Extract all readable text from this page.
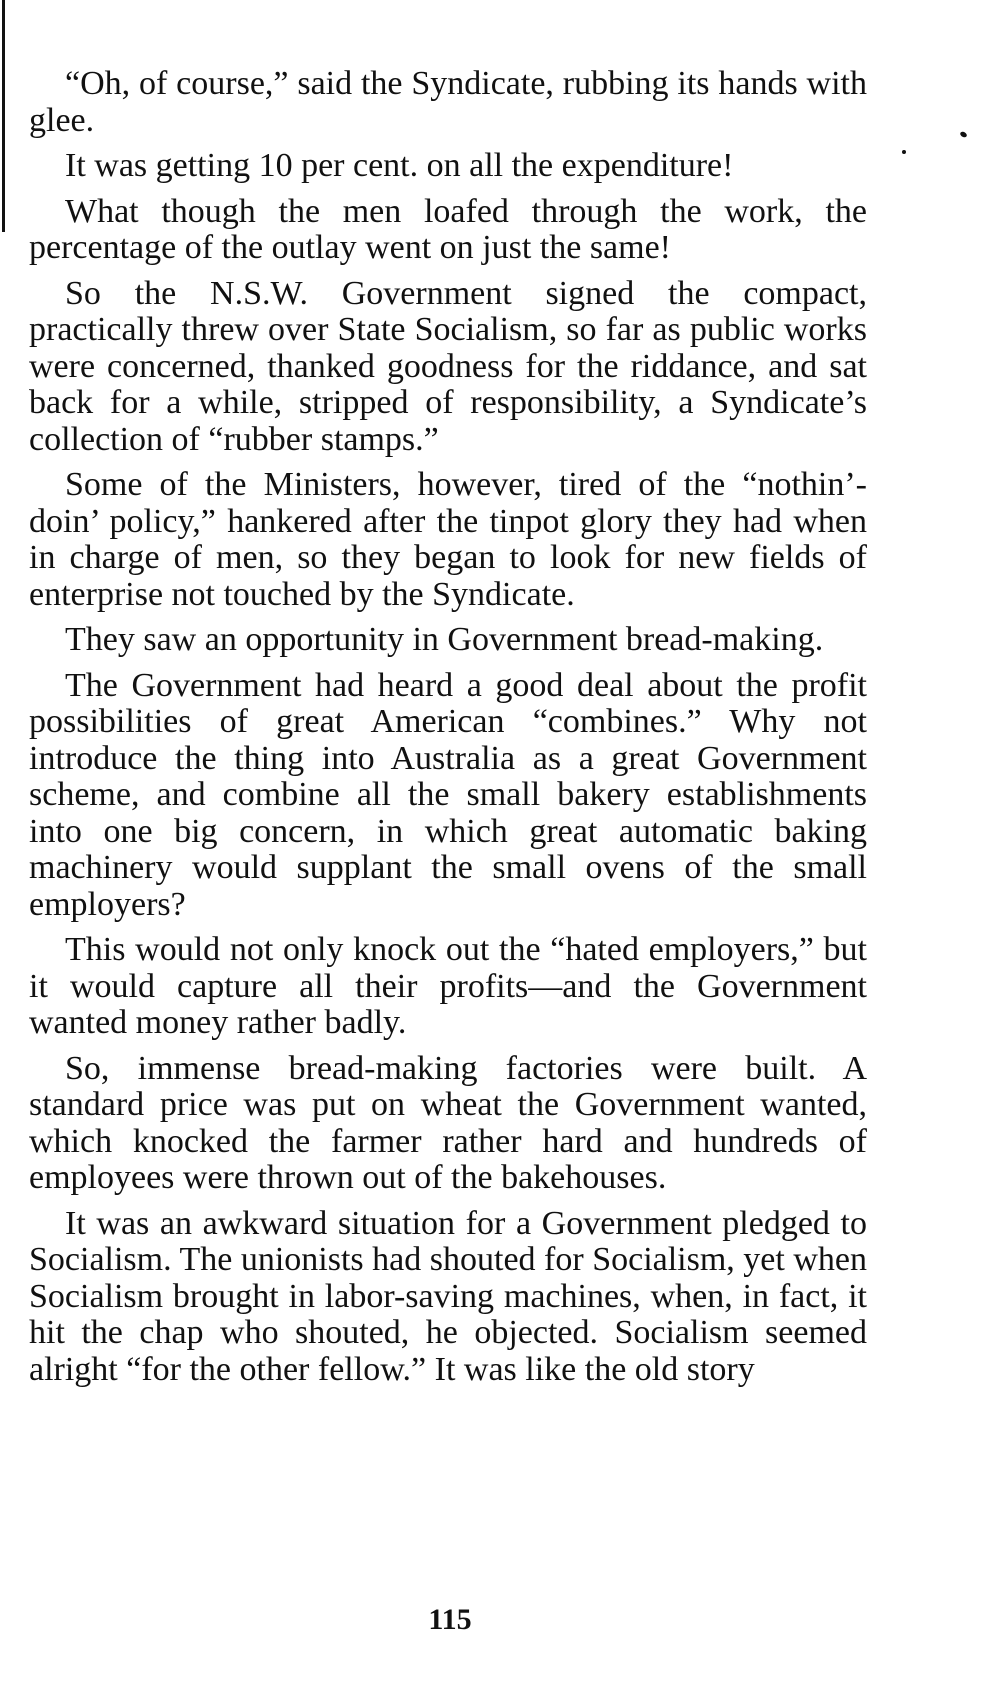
“Oh, of course,” said the Syndicate, rubbing its hands with glee.

It was getting 10 per cent. on all the expenditure!

What though the men loafed through the work, the percentage of the outlay went on just the same!

So the N.S.W. Government signed the compact, practically threw over State Socialism, so far as public works were concerned, thanked goodness for the riddance, and sat back for a while, stripped of responsibility, a Syndicate’s collection of “rubber stamps.”

Some of the Ministers, however, tired of the “nothin’-doin’ policy,” hankered after the tinpot glory they had when in charge of men, so they began to look for new fields of enterprise not touched by the Syndicate.

They saw an opportunity in Government bread-making.

The Government had heard a good deal about the profit possibilities of great American “combines.” Why not introduce the thing into Australia as a great Government scheme, and combine all the small bakery establishments into one big concern, in which great automatic baking machinery would supplant the small ovens of the small employers?

This would not only knock out the “hated employers,” but it would capture all their profits—and the Government wanted money rather badly.

So, immense bread-making factories were built. A standard price was put on wheat the Government wanted, which knocked the farmer rather hard and hundreds of employees were thrown out of the bakehouses.

It was an awkward situation for a Government pledged to Socialism. The unionists had shouted for Socialism, yet when Socialism brought in labor-saving machines, when, in fact, it hit the chap who shouted, he objected. Socialism seemed alright “for the other fellow.” It was like the old story

115
